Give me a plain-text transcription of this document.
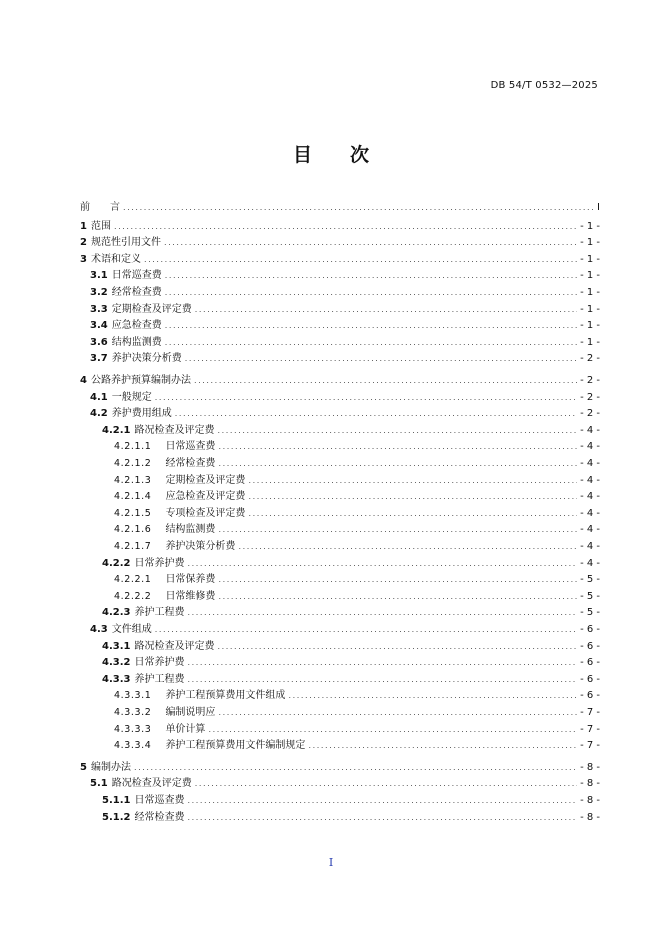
DB 54/T 0532—2025
目 次
前　　言 .....	I
1 范围 .....	- 1 -
2 规范性引用文件 .....	- 1 -
3 术语和定义 .....	- 1 -
3.1 日常巡查费 .....	- 1 -
3.2 经常检查费 .....	- 1 -
3.3 定期检查及评定费 .....	- 1 -
3.4 应急检查费 .....	- 1 -
3.6 结构监测费 .....	- 1 -
3.7 养护决策分析费 .....	- 2 -
4 公路养护预算编制办法 .....	- 2 -
4.1 一般规定 .....	- 2 -
4.2 养护费用组成 .....	- 2 -
4.2.1 路况检查及评定费 .....	- 4 -
4.2.1.1 日常巡查费 .....	- 4 -
4.2.1.2 经常检查费 .....	- 4 -
4.2.1.3 定期检查及评定费 .....	- 4 -
4.2.1.4 应急检查及评定费 .....	- 4 -
4.2.1.5 专项检查及评定费 .....	- 4 -
4.2.1.6 结构监测费 .....	- 4 -
4.2.1.7 养护决策分析费 .....	- 4 -
4.2.2 日常养护费 .....	- 4 -
4.2.2.1 日常保养费 .....	- 5 -
4.2.2.2 日常维修费 .....	- 5 -
4.2.3 养护工程费 .....	- 5 -
4.3 文件组成 .....	- 6 -
4.3.1 路况检查及评定费 .....	- 6 -
4.3.2 日常养护费 .....	- 6 -
4.3.3 养护工程费 .....	- 6 -
4.3.3.1 养护工程预算费用文件组成 .....	- 6 -
4.3.3.2 编制说明应 .....	- 7 -
4.3.3.3 单价计算 .....	- 7 -
4.3.3.4 养护工程预算费用文件编制规定 .....	- 7 -
5 编制办法 .....	- 8 -
5.1 路况检查及评定费 .....	- 8 -
5.1.1 日常巡查费 .....	- 8 -
5.1.2 经常检查费 .....	- 8 -
I
